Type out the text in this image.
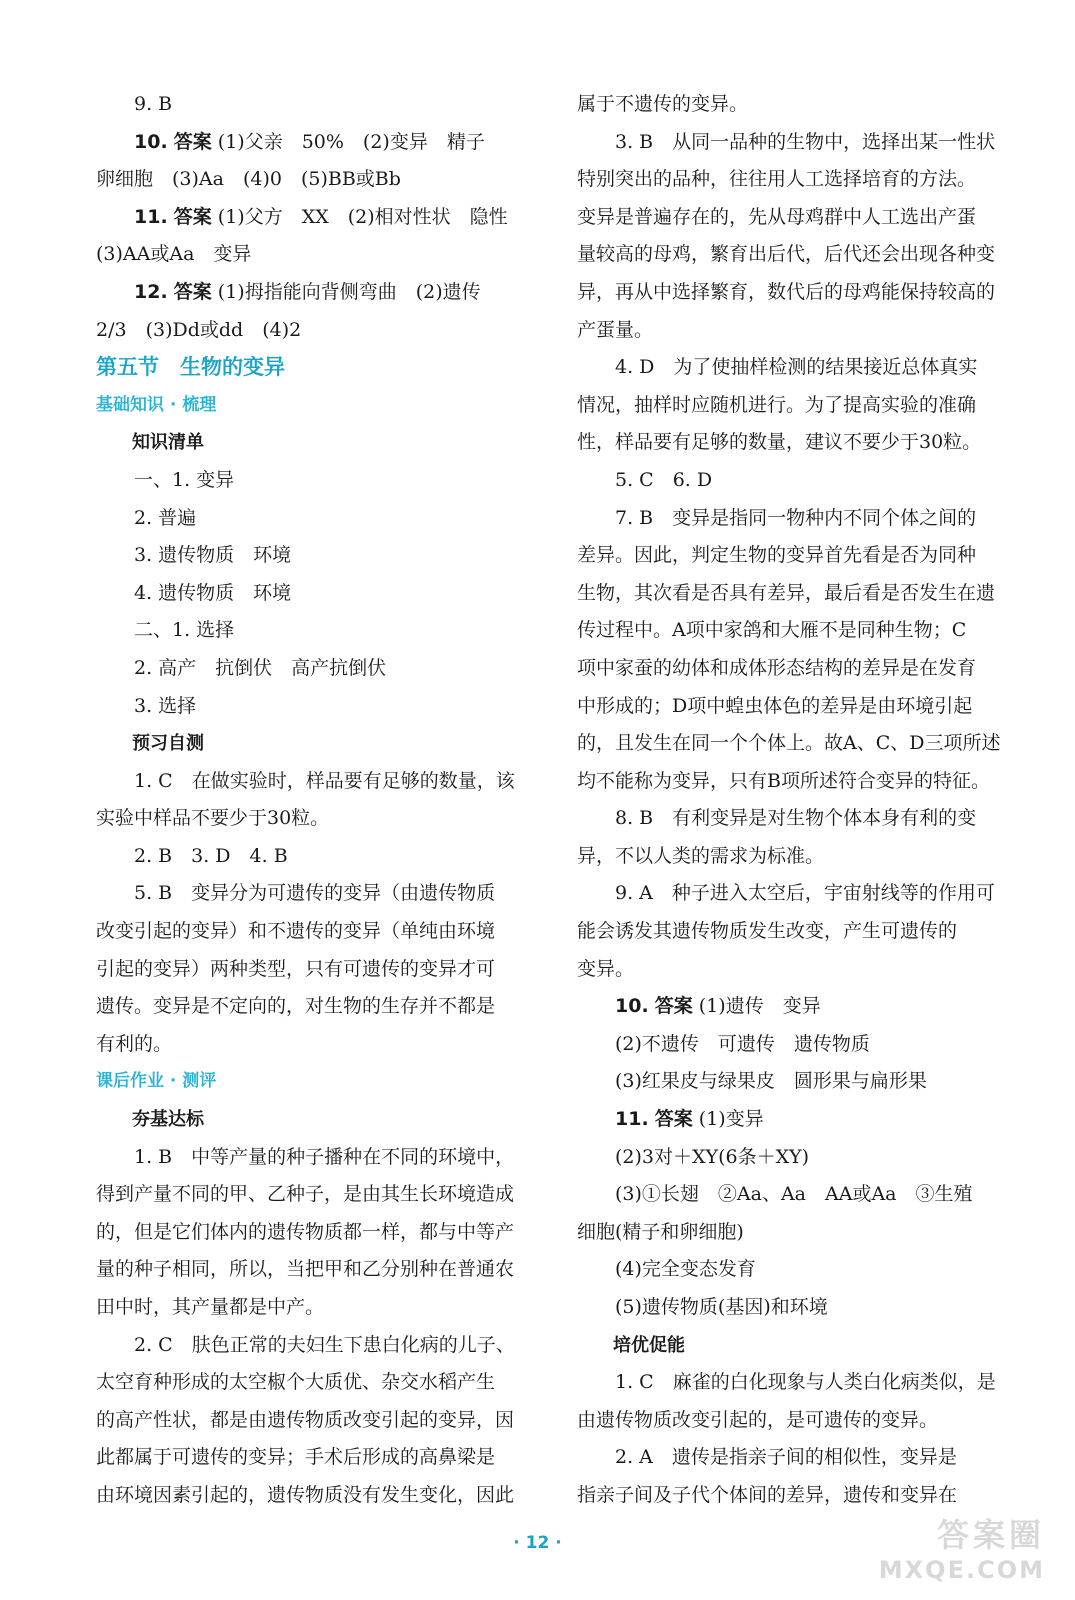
9. B

10. 答案 (1)父亲　50%　(2)变异　精子

卵细胞　(3)Aa　(4)0　(5)BB或Bb

11. 答案 (1)父方　XX　(2)相对性状　隐性

(3)AA或Aa　变异

12. 答案 (1)拇指能向背侧弯曲　(2)遗传

2/3　(3)Dd或dd　(4)2

第五节　生物的变异

基础知识 · 梳理

知识清单

一、1. 变异

2. 普遍

3. 遗传物质　环境

4. 遗传物质　环境

二、1. 选择

2. 高产　抗倒伏　高产抗倒伏

3. 选择

预习自测

1. C　在做实验时，样品要有足够的数量，该

实验中样品不要少于30粒。

2. B　3. D　4. B

5. B　变异分为可遗传的变异（由遗传物质

改变引起的变异）和不遗传的变异（单纯由环境

引起的变异）两种类型，只有可遗传的变异才可

遗传。变异是不定向的，对生物的生存并不都是

有利的。

课后作业 · 测评

夯基达标

1. B　中等产量的种子播种在不同的环境中，

得到产量不同的甲、乙种子，是由其生长环境造成

的，但是它们体内的遗传物质都一样，都与中等产

量的种子相同，所以，当把甲和乙分别种在普通农

田中时，其产量都是中产。

2. C　肤色正常的夫妇生下患白化病的儿子、

太空育种形成的太空椒个大质优、杂交水稻产生

的高产性状，都是由遗传物质改变引起的变异，因

此都属于可遗传的变异；手术后形成的高鼻梁是

由环境因素引起的，遗传物质没有发生变化，因此

属于不遗传的变异。

3. B　从同一品种的生物中，选择出某一性状

特别突出的品种，往往用人工选择培育的方法。

变异是普遍存在的，先从母鸡群中人工选出产蛋

量较高的母鸡，繁育出后代，后代还会出现各种变

异，再从中选择繁育，数代后的母鸡能保持较高的

产蛋量。

4. D　为了使抽样检测的结果接近总体真实

情况，抽样时应随机进行。为了提高实验的准确

性，样品要有足够的数量，建议不要少于30粒。

5. C　6. D

7. B　变异是指同一物种内不同个体之间的

差异。因此，判定生物的变异首先看是否为同种

生物，其次看是否具有差异，最后看是否发生在遗

传过程中。A项中家鸽和大雁不是同种生物；C

项中家蚕的幼体和成体形态结构的差异是在发育

中形成的；D项中蝗虫体色的差异是由环境引起

的，且发生在同一个个体上。故A、C、D三项所述

均不能称为变异，只有B项所述符合变异的特征。

8. B　有利变异是对生物个体本身有利的变

异，不以人类的需求为标准。

9. A　种子进入太空后，宇宙射线等的作用可

能会诱发其遗传物质发生改变，产生可遗传的

变异。

10. 答案 (1)遗传　变异

(2)不遗传　可遗传　遗传物质

(3)红果皮与绿果皮　圆形果与扁形果

11. 答案 (1)变异

(2)3对＋XY(6条＋XY)

(3)①长翅　②Aa、Aa　AA或Aa　③生殖

细胞(精子和卵细胞)

(4)完全变态发育

(5)遗传物质(基因)和环境

培优促能

1. C　麻雀的白化现象与人类白化病类似，是

由遗传物质改变引起的，是可遗传的变异。

2. A　遗传是指亲子间的相似性，变异是

指亲子间及子代个体间的差异，遗传和变异在

· 12 ·	答案圈
MXQE.COM
